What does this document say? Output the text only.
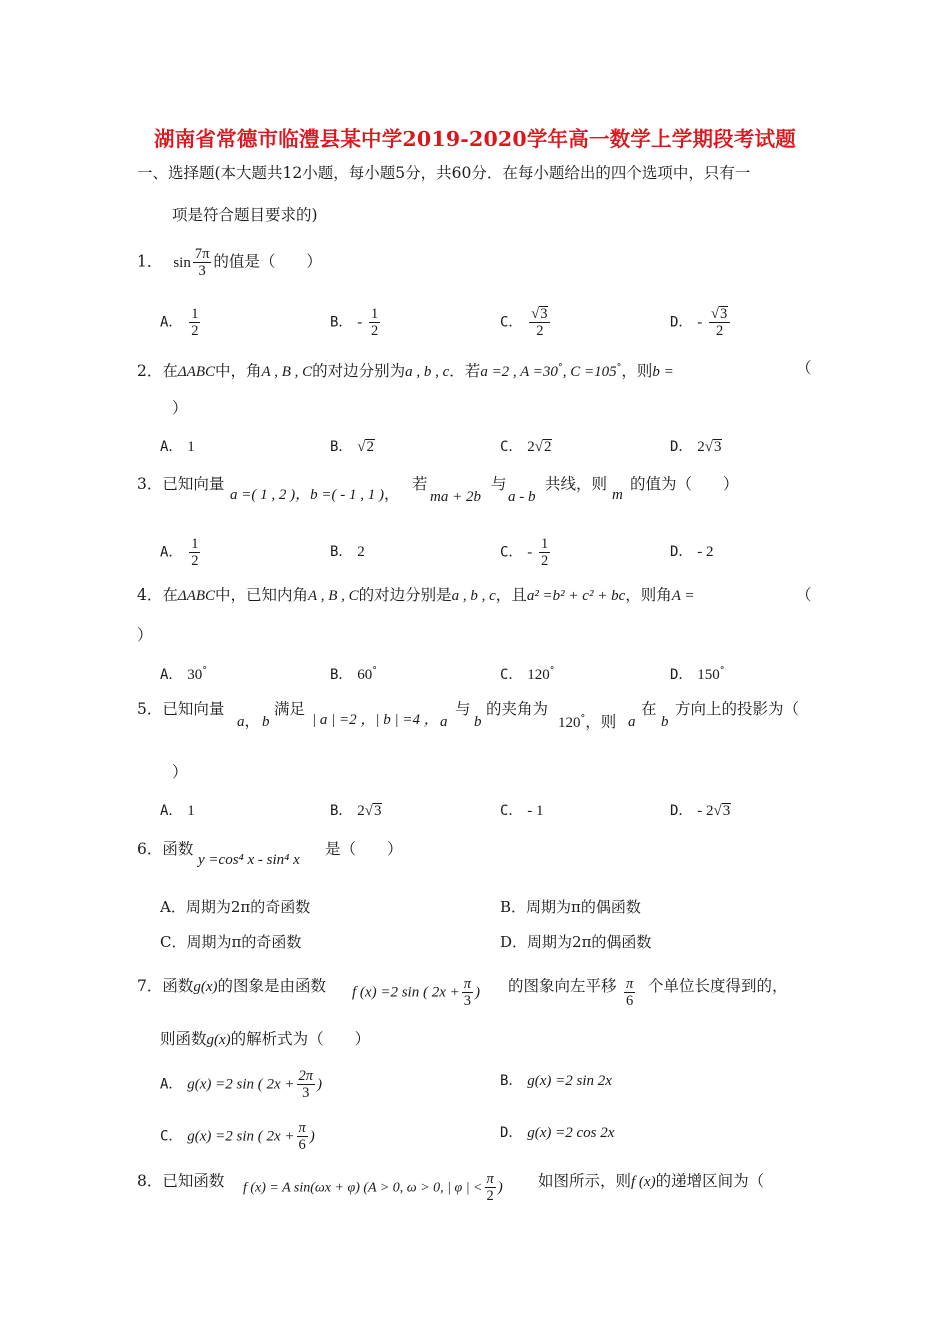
湖南省常德市临澧县某中学2019-2020学年高一数学上学期段考试题
一、选择题(本大题共12小题，每小题5分，共60分．在每小题给出的四个选项中，只有一
项是符合题目要求的)
1． $\sin \frac{7\pi}{3}$ 的值是（　　）
A． $\frac{1}{2}$	B． - $\frac{1}{2}$	C． $\frac{√3}{2}$	D． - $\frac{√3}{2}$
2．在ΔABC中，角A , B , C的对边分别为a , b , c．若a =2 , A =30°, C =105°，则b =	（
）
A． 1	B． √2	C． 2√2	D． 2√3
3．已知向量
a =( 1 , 2 )，b =( - 1 , 1 )，
若
ma + 2b
与
a - b
共线，则
m
的值为（　　）
A． $\frac{1}{2}$	B． 2	C． - $\frac{1}{2}$	D． - 2
4．在ΔABC中，已知内角A , B , C的对边分别是a , b , c，且a² =b² + c² + bc，则角A =	（
）
A． 30°	B． 60°	C． 120°	D． 150°
5．已知向量
a， b
满足
| a | =2 ，| b | =4 ， a
与
b
的夹角为
120°，则 a
在
b
方向上的投影为（
）
A． 1	B． 2√3	C． - 1	D． - 2√3
6．函数
y =cos⁴ x - sin⁴ x
是（　　）
A．周期为2π的奇函数	B．周期为π的偶函数
C．周期为π的奇函数	D．周期为2π的偶函数
7．函数g(x)的图象是由函数 f (x) =2 sin ( $2x + \frac{\pi}{3}$ ) 的图象向左平移 $\frac{\pi}{6}$ 个单位长度得到的，
则函数g(x)的解析式为（　　）
A． g(x) =2 sin ( $2x + \frac{2\pi}{3}$ )	B． g(x) =2 sin 2x
C． g(x) =2 sin ( $2x + \frac{\pi}{6}$ )	D． g(x) =2 cos 2x
8．已知函数 f (x) = A sin(ωx + φ) (A > 0, ω > 0, | φ | < $\frac{\pi}{2}$ ) 如图所示，则f (x)的递增区间为（
